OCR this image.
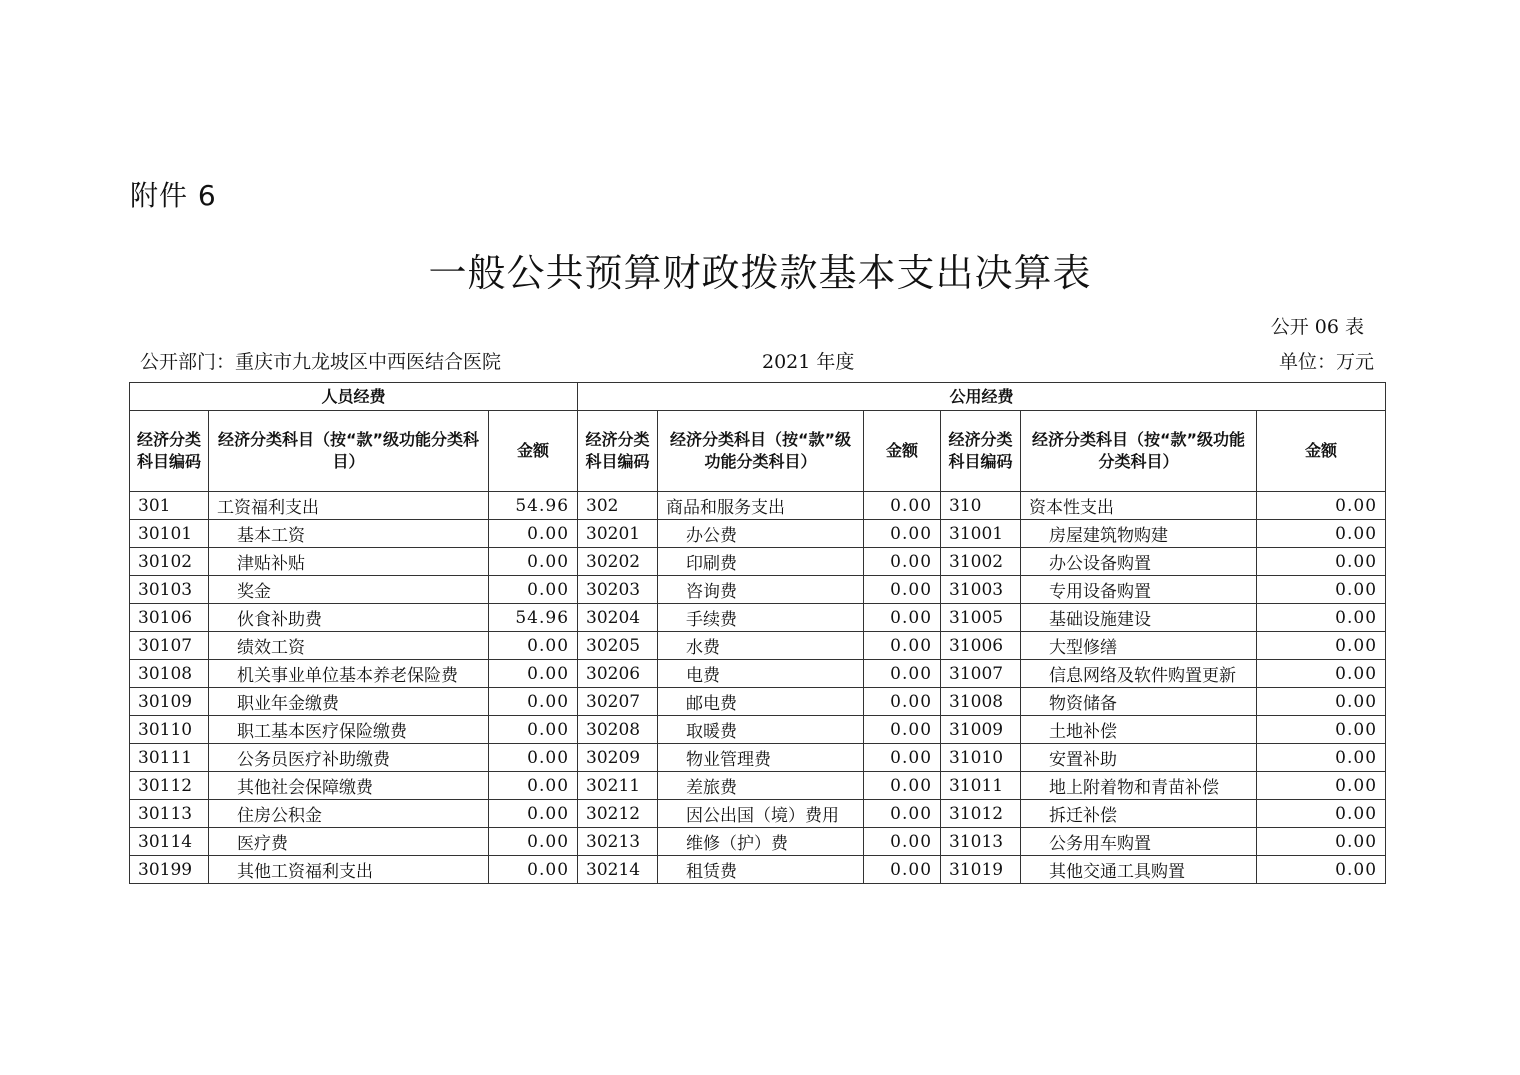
附件 6
一般公共预算财政拨款基本支出决算表
公开 06 表
公开部门：重庆市九龙坡区中西医结合医院	2021 年度	单位：万元
人员经费			公用经费					
经济分类科目编码	经济分类科目（按“款”级功能分类科目）	金额	经济分类科目编码	经济分类科目（按“款”级功能分类科目）	金额	经济分类科目编码	经济分类科目（按“款”级功能分类科目）	金额
301	工资福利支出	54.96	302	商品和服务支出	0.00	310	资本性支出	0.00
30101	基本工资	0.00	30201	办公费	0.00	31001	房屋建筑物购建	0.00
30102	津贴补贴	0.00	30202	印刷费	0.00	31002	办公设备购置	0.00
30103	奖金	0.00	30203	咨询费	0.00	31003	专用设备购置	0.00
30106	伙食补助费	54.96	30204	手续费	0.00	31005	基础设施建设	0.00
30107	绩效工资	0.00	30205	水费	0.00	31006	大型修缮	0.00
30108	机关事业单位基本养老保险费	0.00	30206	电费	0.00	31007	信息网络及软件购置更新	0.00
30109	职业年金缴费	0.00	30207	邮电费	0.00	31008	物资储备	0.00
30110	职工基本医疗保险缴费	0.00	30208	取暖费	0.00	31009	土地补偿	0.00
30111	公务员医疗补助缴费	0.00	30209	物业管理费	0.00	31010	安置补助	0.00
30112	其他社会保障缴费	0.00	30211	差旅费	0.00	31011	地上附着物和青苗补偿	0.00
30113	住房公积金	0.00	30212	因公出国（境）费用	0.00	31012	拆迁补偿	0.00
30114	医疗费	0.00	30213	维修（护）费	0.00	31013	公务用车购置	0.00
30199	其他工资福利支出	0.00	30214	租赁费	0.00	31019	其他交通工具购置	0.00
